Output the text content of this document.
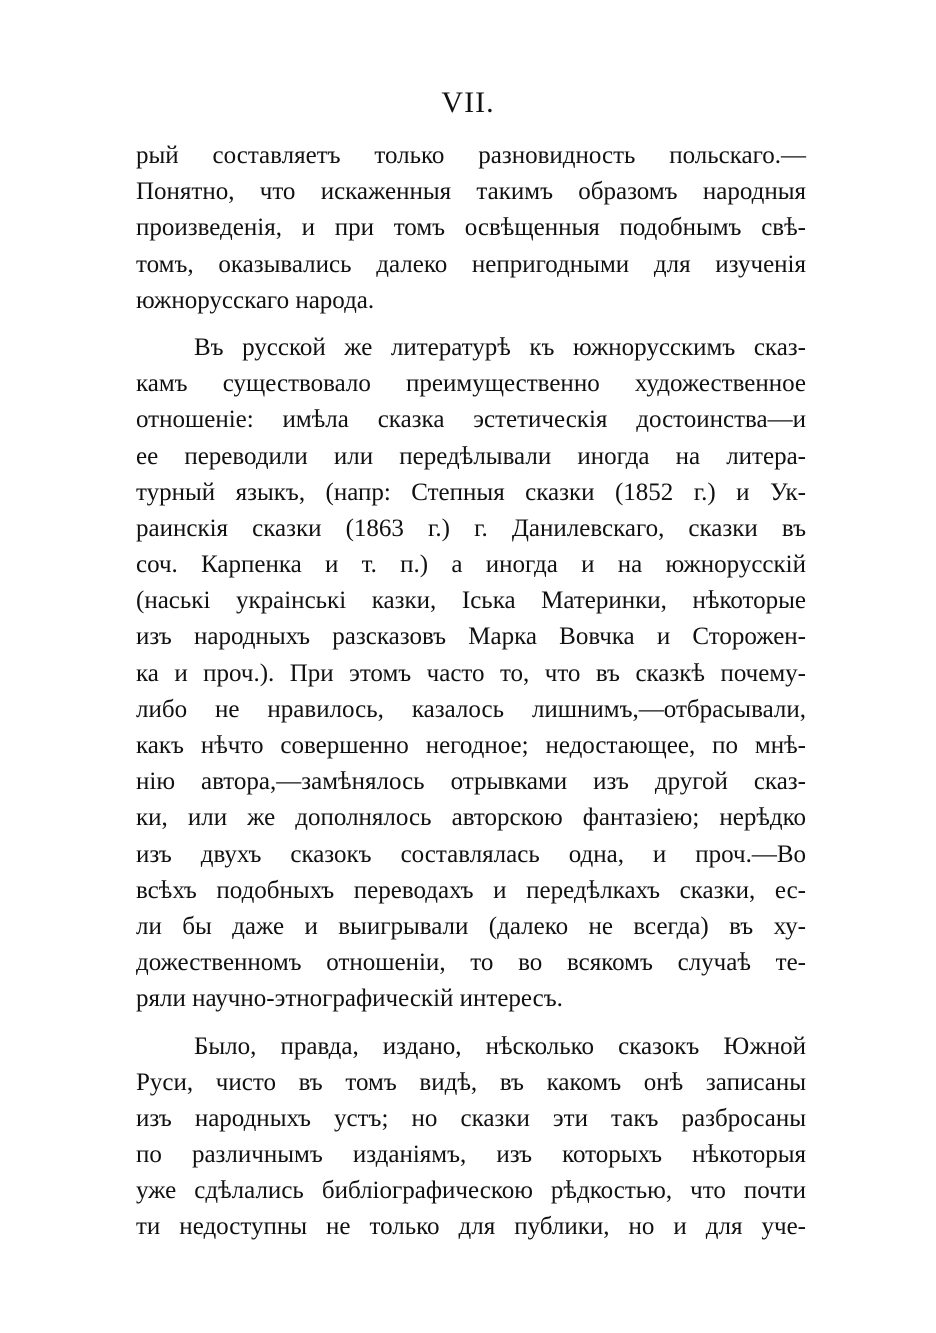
VII.
рый составляетъ только разновидность польскаго.—
Понятно, что искаженныя такимъ образомъ народныя
произведенія, и при томъ освѣщенныя подобнымъ свѣ-
томъ, оказывались далеко непригодными для изученія
южнорусскаго народа.
Въ русской же литературѣ къ южнорусскимъ сказ-
камъ существовало преимущественно художественное
отношеніе: имѣла сказка эстетическія достоинства—и
ее переводили или передѣлывали иногда на литера-
турный языкъ, (напр: Степныя сказки (1852 г.) и Ук-
раинскія сказки (1863 г.) г. Данилевскаго, сказки въ
соч. Карпенка и т. п.) а иногда и на южнорусскій
(наські украінські казки, Іська Материнки, нѣкоторые
изъ народныхъ разсказовъ Марка Вовчка и Сторожен-
ка и проч.). При этомъ часто то, что въ сказкѣ почему-
либо не нравилось, казалось лишнимъ,—отбрасывали,
какъ нѣчто совершенно негодное; недостающее, по мнѣ-
нію автора,—замѣнялось отрывками изъ другой сказ-
ки, или же дополнялось авторскою фантазіею; нерѣдко
изъ двухъ сказокъ составлялась одна, и проч.—Во
всѣхъ подобныхъ переводахъ и передѣлкахъ сказки, ес-
ли бы даже и выигрывали (далеко не всегда) въ ху-
дожественномъ отношеніи, то во всякомъ случаѣ те-
ряли научно-этнографическій интересъ.
Было, правда, издано, нѣсколько сказокъ Южной
Руси, чисто въ томъ видѣ, въ какомъ онѣ записаны
изъ народныхъ устъ; но сказки эти такъ разбросаны
по различнымъ изданіямъ, изъ которыхъ нѣкоторыя
уже сдѣлались библіографическою рѣдкостью, что почти
ти недоступны не только для публики, но и для уче-
